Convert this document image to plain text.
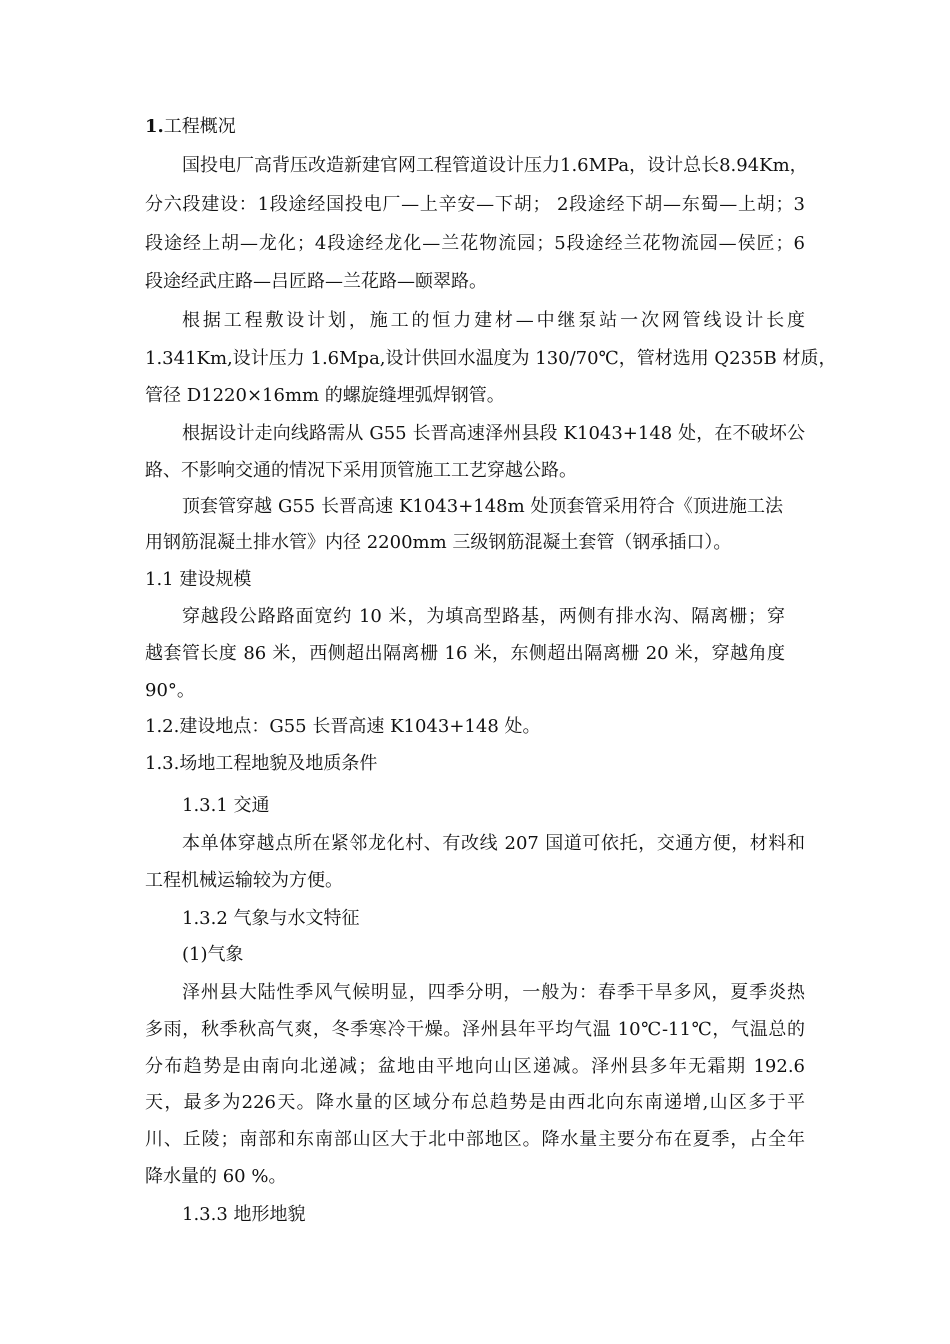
1.工程概况
国投电厂高背压改造新建官网工程管道设计压力1.6MPa，设计总长8.94Km，
分六段建设：1段途经国投电厂—上辛安—下胡； 2段途经下胡—东蜀—上胡；3
段途经上胡—龙化；4段途经龙化—兰花物流园；5段途经兰花物流园—侯匠；6
段途经武庄路—吕匠路—兰花路—颐翠路。
根据工程敷设计划，施工的恒力建材—中继泵站一次网管线设计长度
1.341Km,设计压力 1.6Mpa,设计供回水温度为 130/70℃，管材选用 Q235B 材质，
管径 D1220×16mm 的螺旋缝埋弧焊钢管。
根据设计走向线路需从 G55 长晋高速泽州县段 K1043+148 处，在不破坏公
路、不影响交通的情况下采用顶管施工工艺穿越公路。
顶套管穿越 G55 长晋高速 K1043+148m 处顶套管采用符合《顶进施工法
用钢筋混凝土排水管》内径 2200mm 三级钢筋混凝土套管（钢承插口）。
1.1 建设规模
穿越段公路路面宽约 10 米，为填高型路基，两侧有排水沟、隔离栅；穿
越套管长度 86 米，西侧超出隔离栅 16 米，东侧超出隔离栅 20 米，穿越角度
90°。
1.2.建设地点：G55 长晋高速 K1043+148 处。
1.3.场地工程地貌及地质条件
1.3.1 交通
本单体穿越点所在紧邻龙化村、有改线 207 国道可依托，交通方便，材料和
工程机械运输较为方便。
1.3.2 气象与水文特征
(1)气象
泽州县大陆性季风气候明显，四季分明，一般为：春季干旱多风，夏季炎热
多雨，秋季秋高气爽，冬季寒冷干燥。泽州县年平均气温 10℃-11℃，气温总的
分布趋势是由南向北递减；盆地由平地向山区递减。泽州县多年无霜期 192.6
天，最多为226天。降水量的区域分布总趋势是由西北向东南递增,山区多于平
川、丘陵；南部和东南部山区大于北中部地区。降水量主要分布在夏季，占全年
降水量的 60 %。
1.3.3 地形地貌
